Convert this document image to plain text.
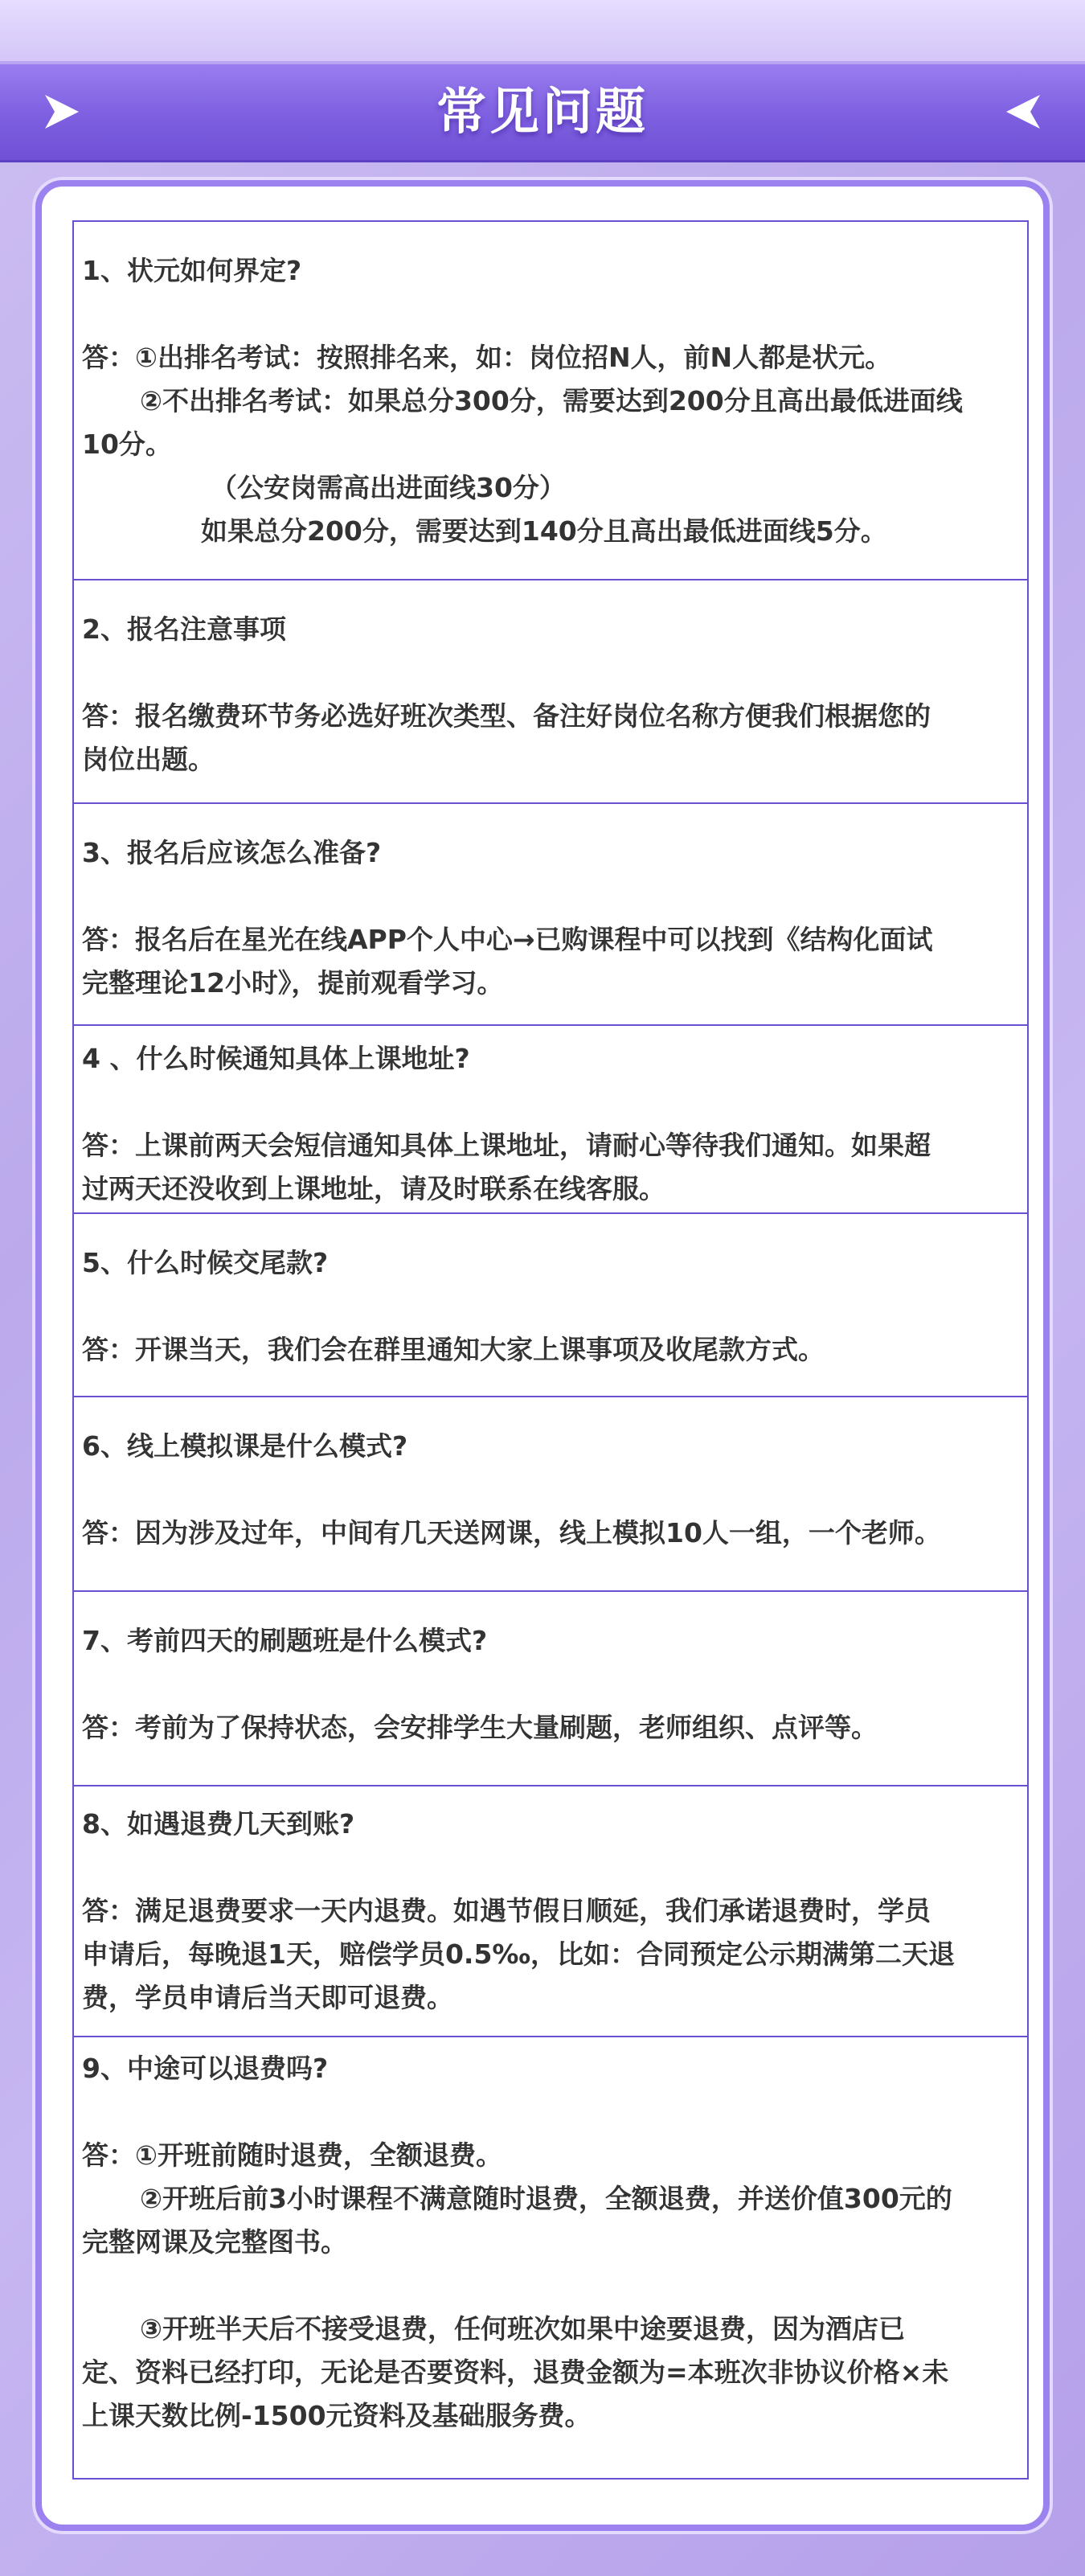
常见问题

1、状元如何界定?

答：①出排名考试：按照排名来，如：岗位招N人，前N人都是状元。
②不出排名考试：如果总分300分，需要达到200分且高出最低进面线
10分。
（公安岗需高出进面线30分）
如果总分200分，需要达到140分且高出最低进面线5分。

2、报名注意事项

答：报名缴费环节务必选好班次类型、备注好岗位名称方便我们根据您的
岗位出题。

3、报名后应该怎么准备?

答：报名后在星光在线APP个人中心→已购课程中可以找到《结构化面试
完整理论12小时》，提前观看学习。

4 、什么时候通知具体上课地址?

答：上课前两天会短信通知具体上课地址，请耐心等待我们通知。如果超
过两天还没收到上课地址，请及时联系在线客服。

5、什么时候交尾款?

答：开课当天，我们会在群里通知大家上课事项及收尾款方式。

6、线上模拟课是什么模式?

答：因为涉及过年，中间有几天送网课，线上模拟10人一组，一个老师。

7、考前四天的刷题班是什么模式?

答：考前为了保持状态，会安排学生大量刷题，老师组织、点评等。

8、如遇退费几天到账?

答：满足退费要求一天内退费。如遇节假日顺延，我们承诺退费时，学员
申请后，每晚退1天，赔偿学员0.5‰，比如：合同预定公示期满第二天退
费，学员申请后当天即可退费。

9、中途可以退费吗?

答：①开班前随时退费，全额退费。
②开班后前3小时课程不满意随时退费，全额退费，并送价值300元的
完整网课及完整图书。
③开班半天后不接受退费，任何班次如果中途要退费，因为酒店已
定、资料已经打印，无论是否要资料，退费金额为=本班次非协议价格×未
上课天数比例-1500元资料及基础服务费。
